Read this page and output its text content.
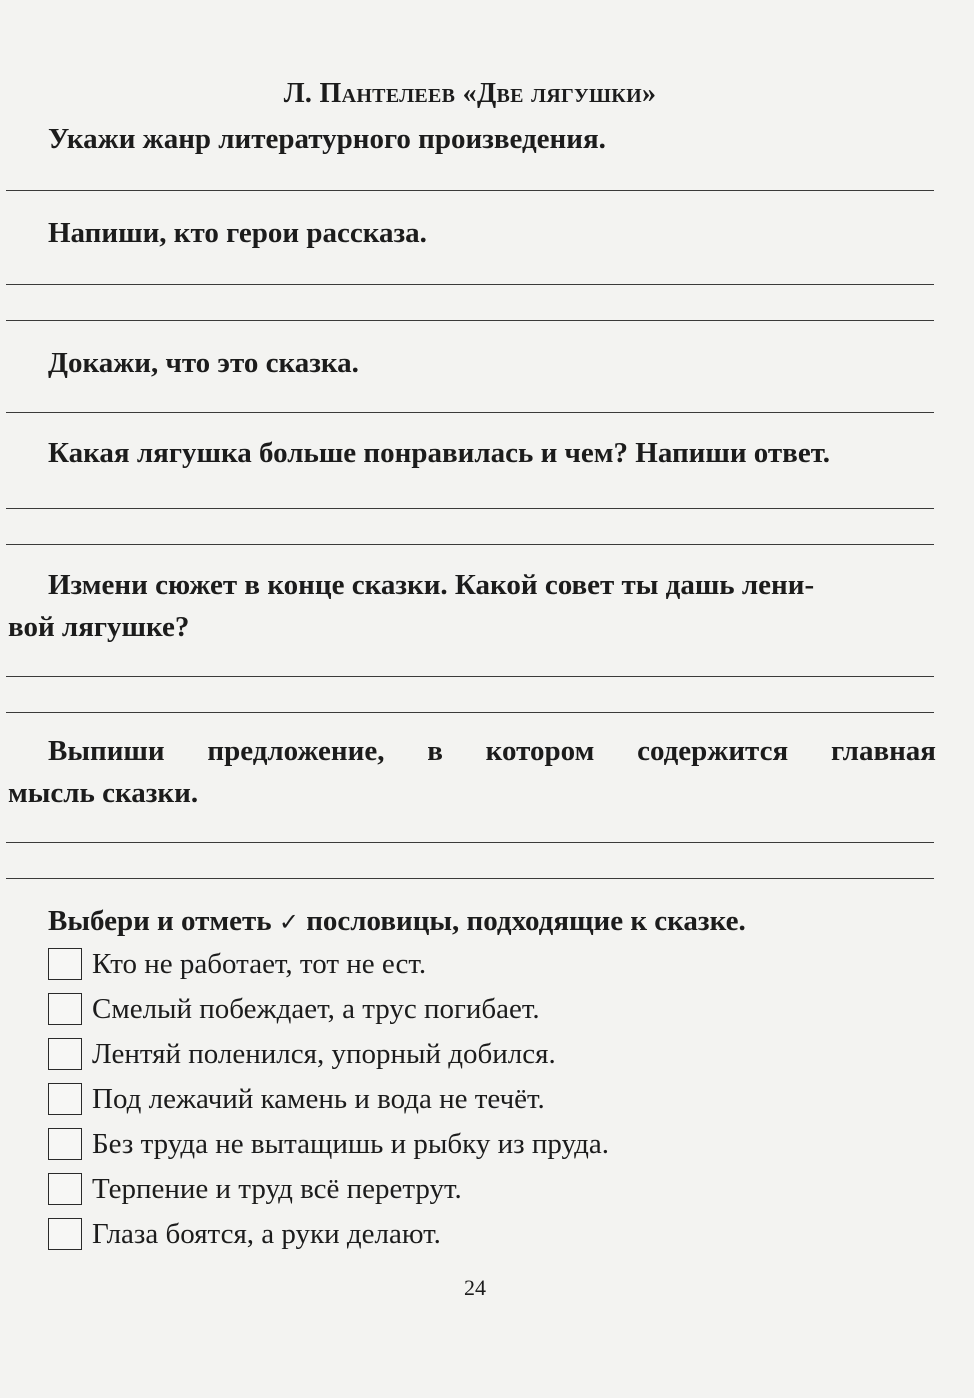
Л. Пантелеев «Две лягушки»
Укажи жанр литературного произведения.
Напиши, кто герои рассказа.
Докажи, что это сказка.
Какая лягушка больше понравилась и чем? Напиши ответ.
Измени сюжет в конце сказки. Какой совет ты дашь лени-
вой лягушке?
Выпиши предложение, в котором содержится главная
мысль сказки.
Выбери и отметь ✓ пословицы, подходящие к сказке.
Кто не работает, тот не ест.
Смелый побеждает, а трус погибает.
Лентяй поленился, упорный добился.
Под лежачий камень и вода не течёт.
Без труда не вытащишь и рыбку из пруда.
Терпение и труд всё перетрут.
Глаза боятся, а руки делают.
24
